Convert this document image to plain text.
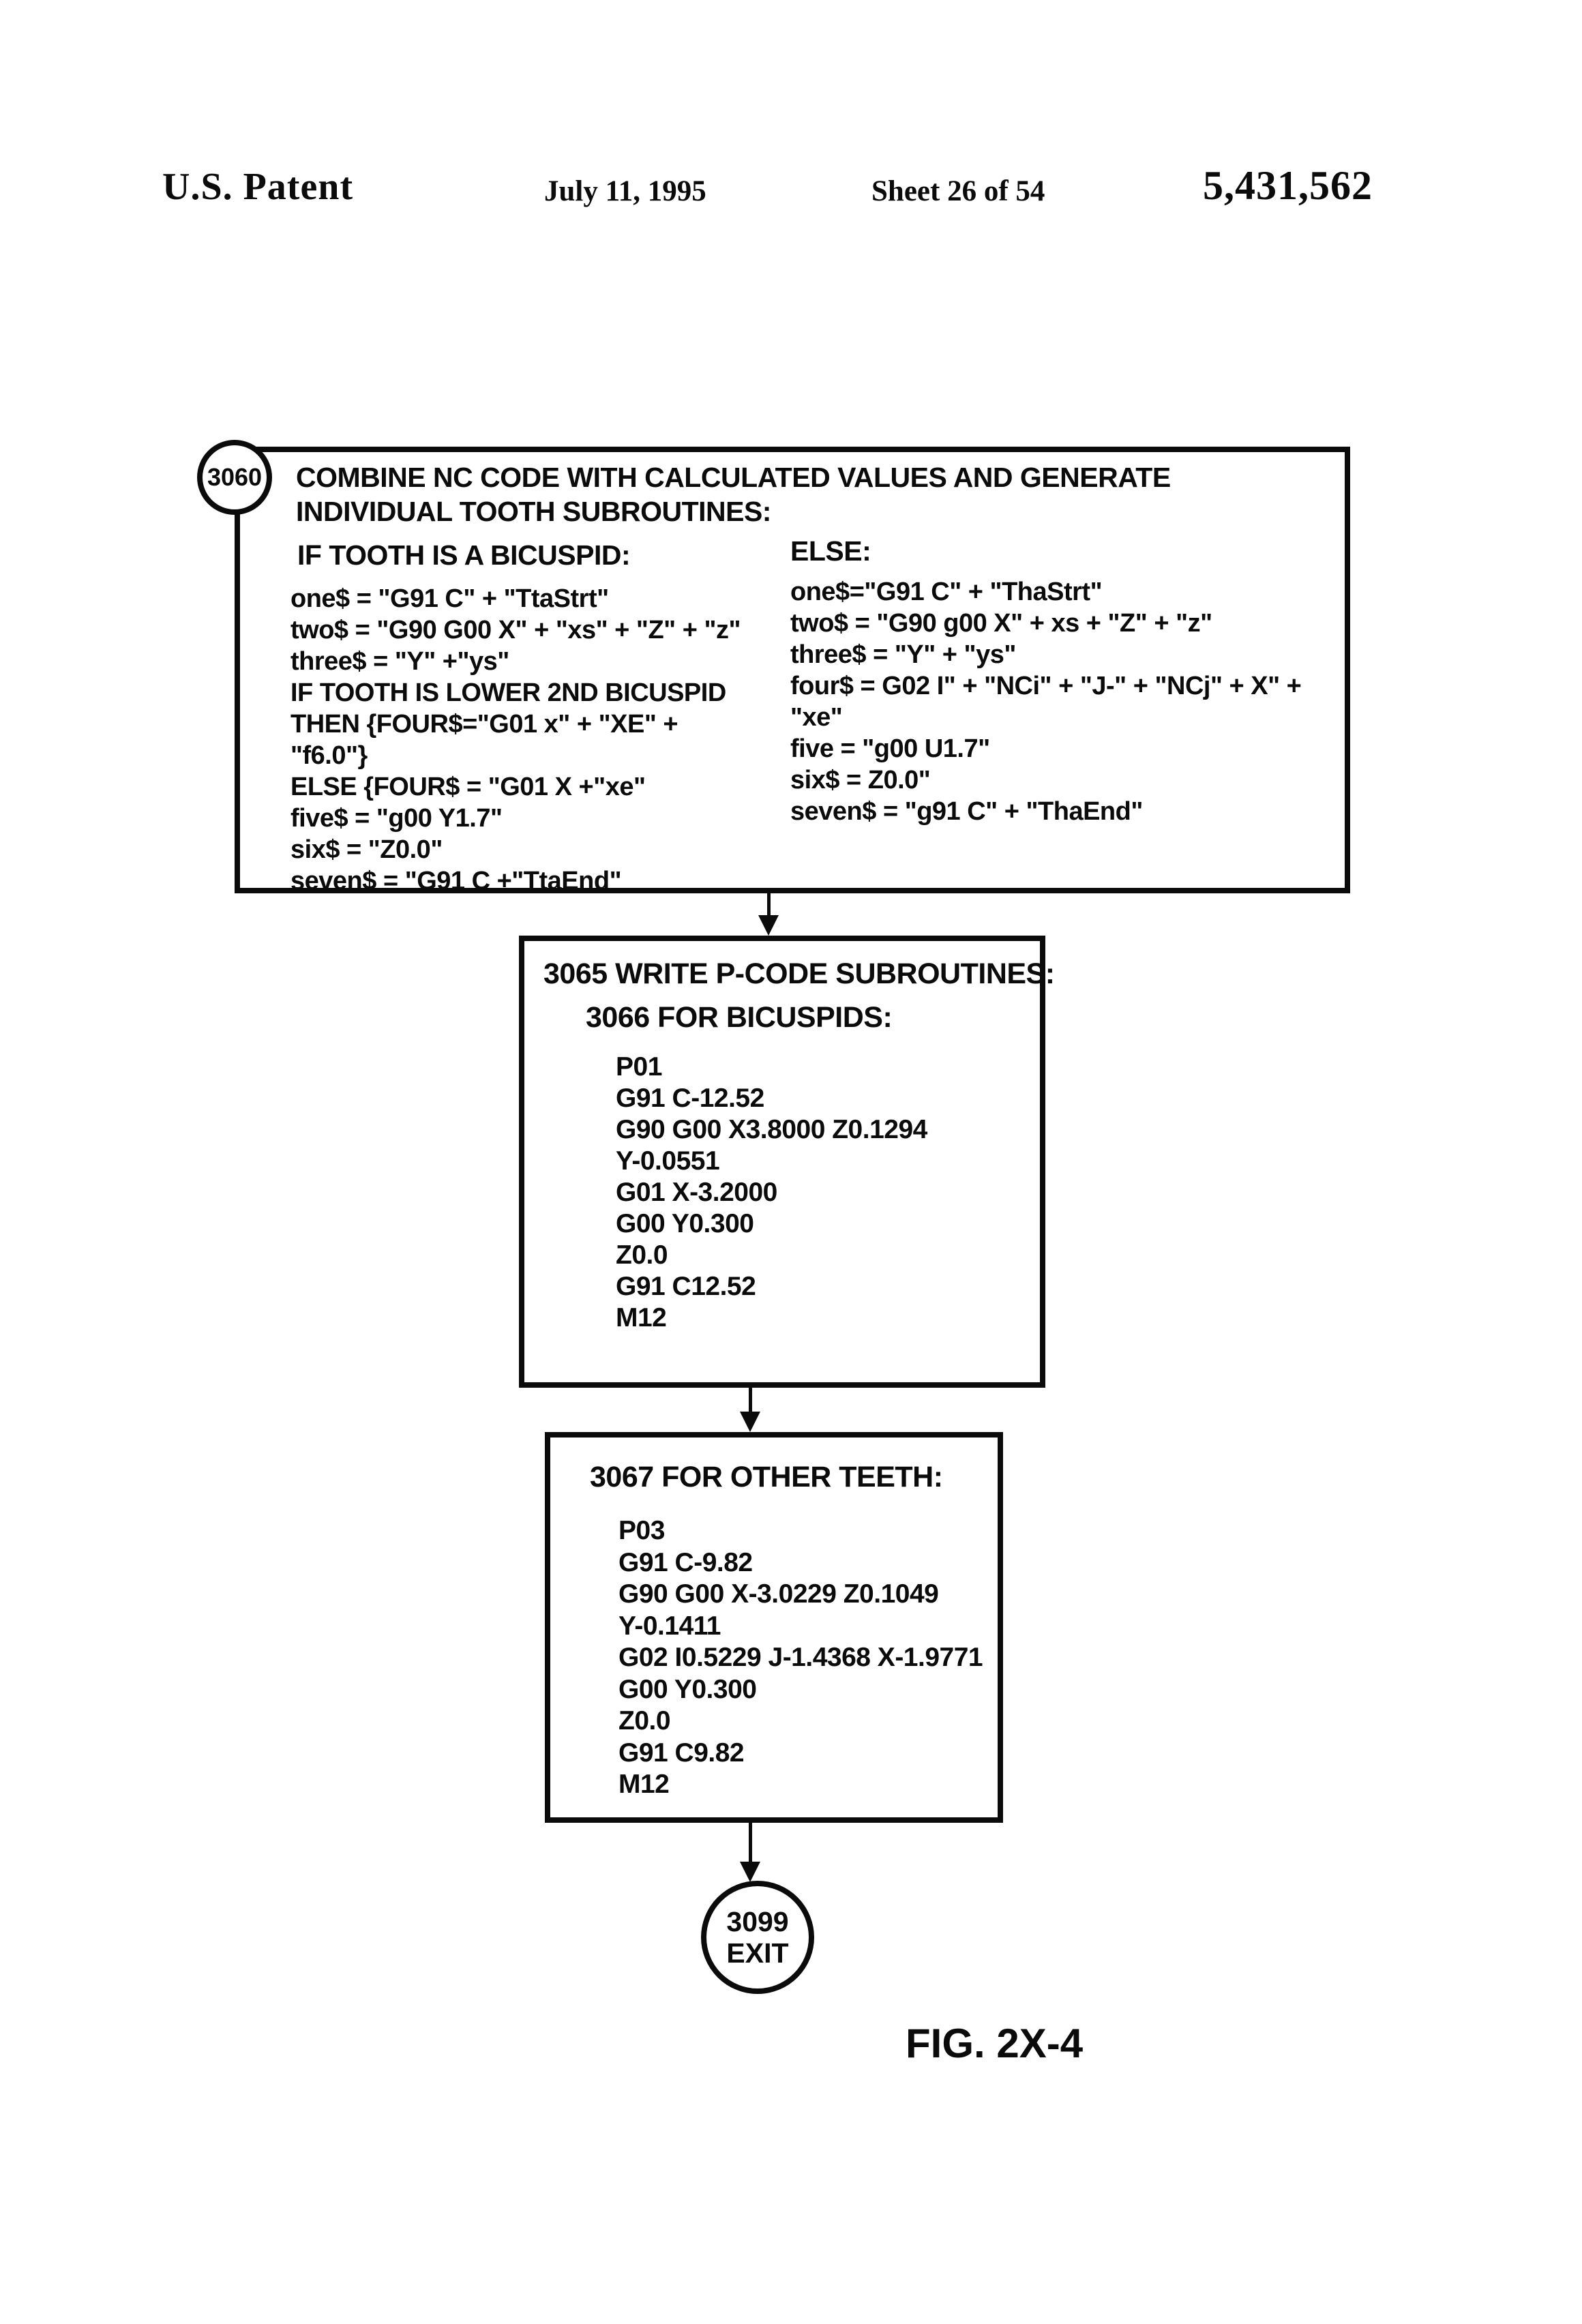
U.S. Patent	July 11, 1995	Sheet 26 of 54	5,431,562
3060 COMBINE NC CODE WITH CALCULATED VALUES AND GENERATE
INDIVIDUAL TOOTH SUBROUTINES:
IF TOOTH IS A BICUSPID:
one$ = "G91 C" + "TtaStrt"
two$ = "G90 G00 X" + "xs" + "Z" + "z"
three$ = "Y" +"ys"
IF TOOTH IS LOWER 2ND BICUSPID
THEN {FOUR$="G01 x" + "XE" +
"f6.0"}
ELSE {FOUR$ = "G01 X +"xe"
five$ = "g00 Y1.7"
six$ = "Z0.0"
seven$ = "G91 C +"TtaEnd"
ELSE:
one$="G91 C" + "ThaStrt"
two$ = "G90 g00 X" + xs + "Z" + "z"
three$ = "Y" + "ys"
four$ = G02 I" + "NCi" + "J-" + "NCj" + X" +
"xe"
five = "g00 U1.7"
six$ = Z0.0"
seven$ = "g91 C" + "ThaEnd"
3065 WRITE P-CODE SUBROUTINES:
3066 FOR BICUSPIDS:
P01
G91 C-12.52
G90 G00 X3.8000 Z0.1294
Y-0.0551
G01 X-3.2000
G00 Y0.300
Z0.0
G91 C12.52
M12
3067 FOR OTHER TEETH:
P03
G91 C-9.82
G90 G00 X-3.0229 Z0.1049
Y-0.1411
G02 I0.5229 J-1.4368 X-1.9771
G00 Y0.300
Z0.0
G91 C9.82
M12
3099
EXIT
FIG. 2X-4
